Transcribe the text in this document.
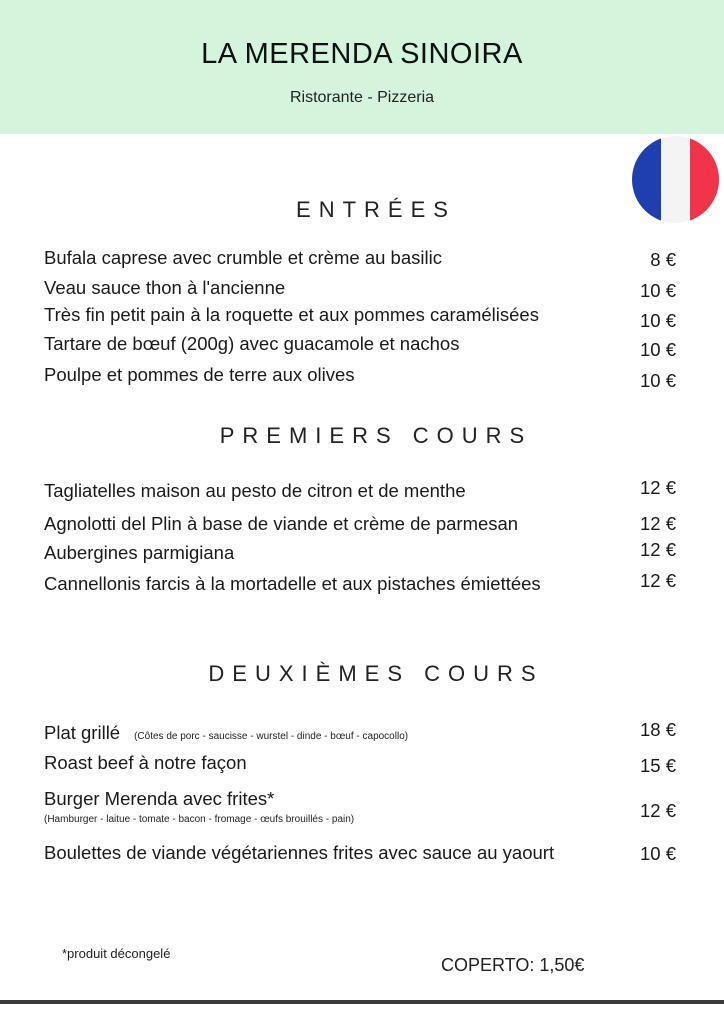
LA MERENDA SINOIRA
Ristorante - Pizzeria
ENTRÉES
Bufala caprese avec crumble et crème au basilic	8 €
Veau sauce thon à l'ancienne	10 €
Très fin petit pain à la roquette et aux pommes caramélisées	10 €
Tartare de bœuf (200g) avec guacamole et nachos	10 €
Poulpe et pommes de terre aux olives	10 €
PREMIERS COURS
Tagliatelles maison au pesto de citron et de menthe	12 €
Agnolotti del Plin à base de viande et crème de parmesan	12 €
Aubergines parmigiana	12 €
Cannellonis farcis à la mortadelle et aux pistaches émiettées	12 €
DEUXIÈMES COURS
Plat grillé (Côtes de porc - saucisse - wurstel - dinde - bœuf - capocollo)	18 €
Roast beef à notre façon	15 €
Burger Merenda avec frites*
(Hamburger - laitue - tomate - bacon - fromage - œufs brouillés - pain)	12 €
Boulettes de viande végétariennes frites avec sauce au yaourt	10 €
*produit décongelé
COPERTO: 1,50€
